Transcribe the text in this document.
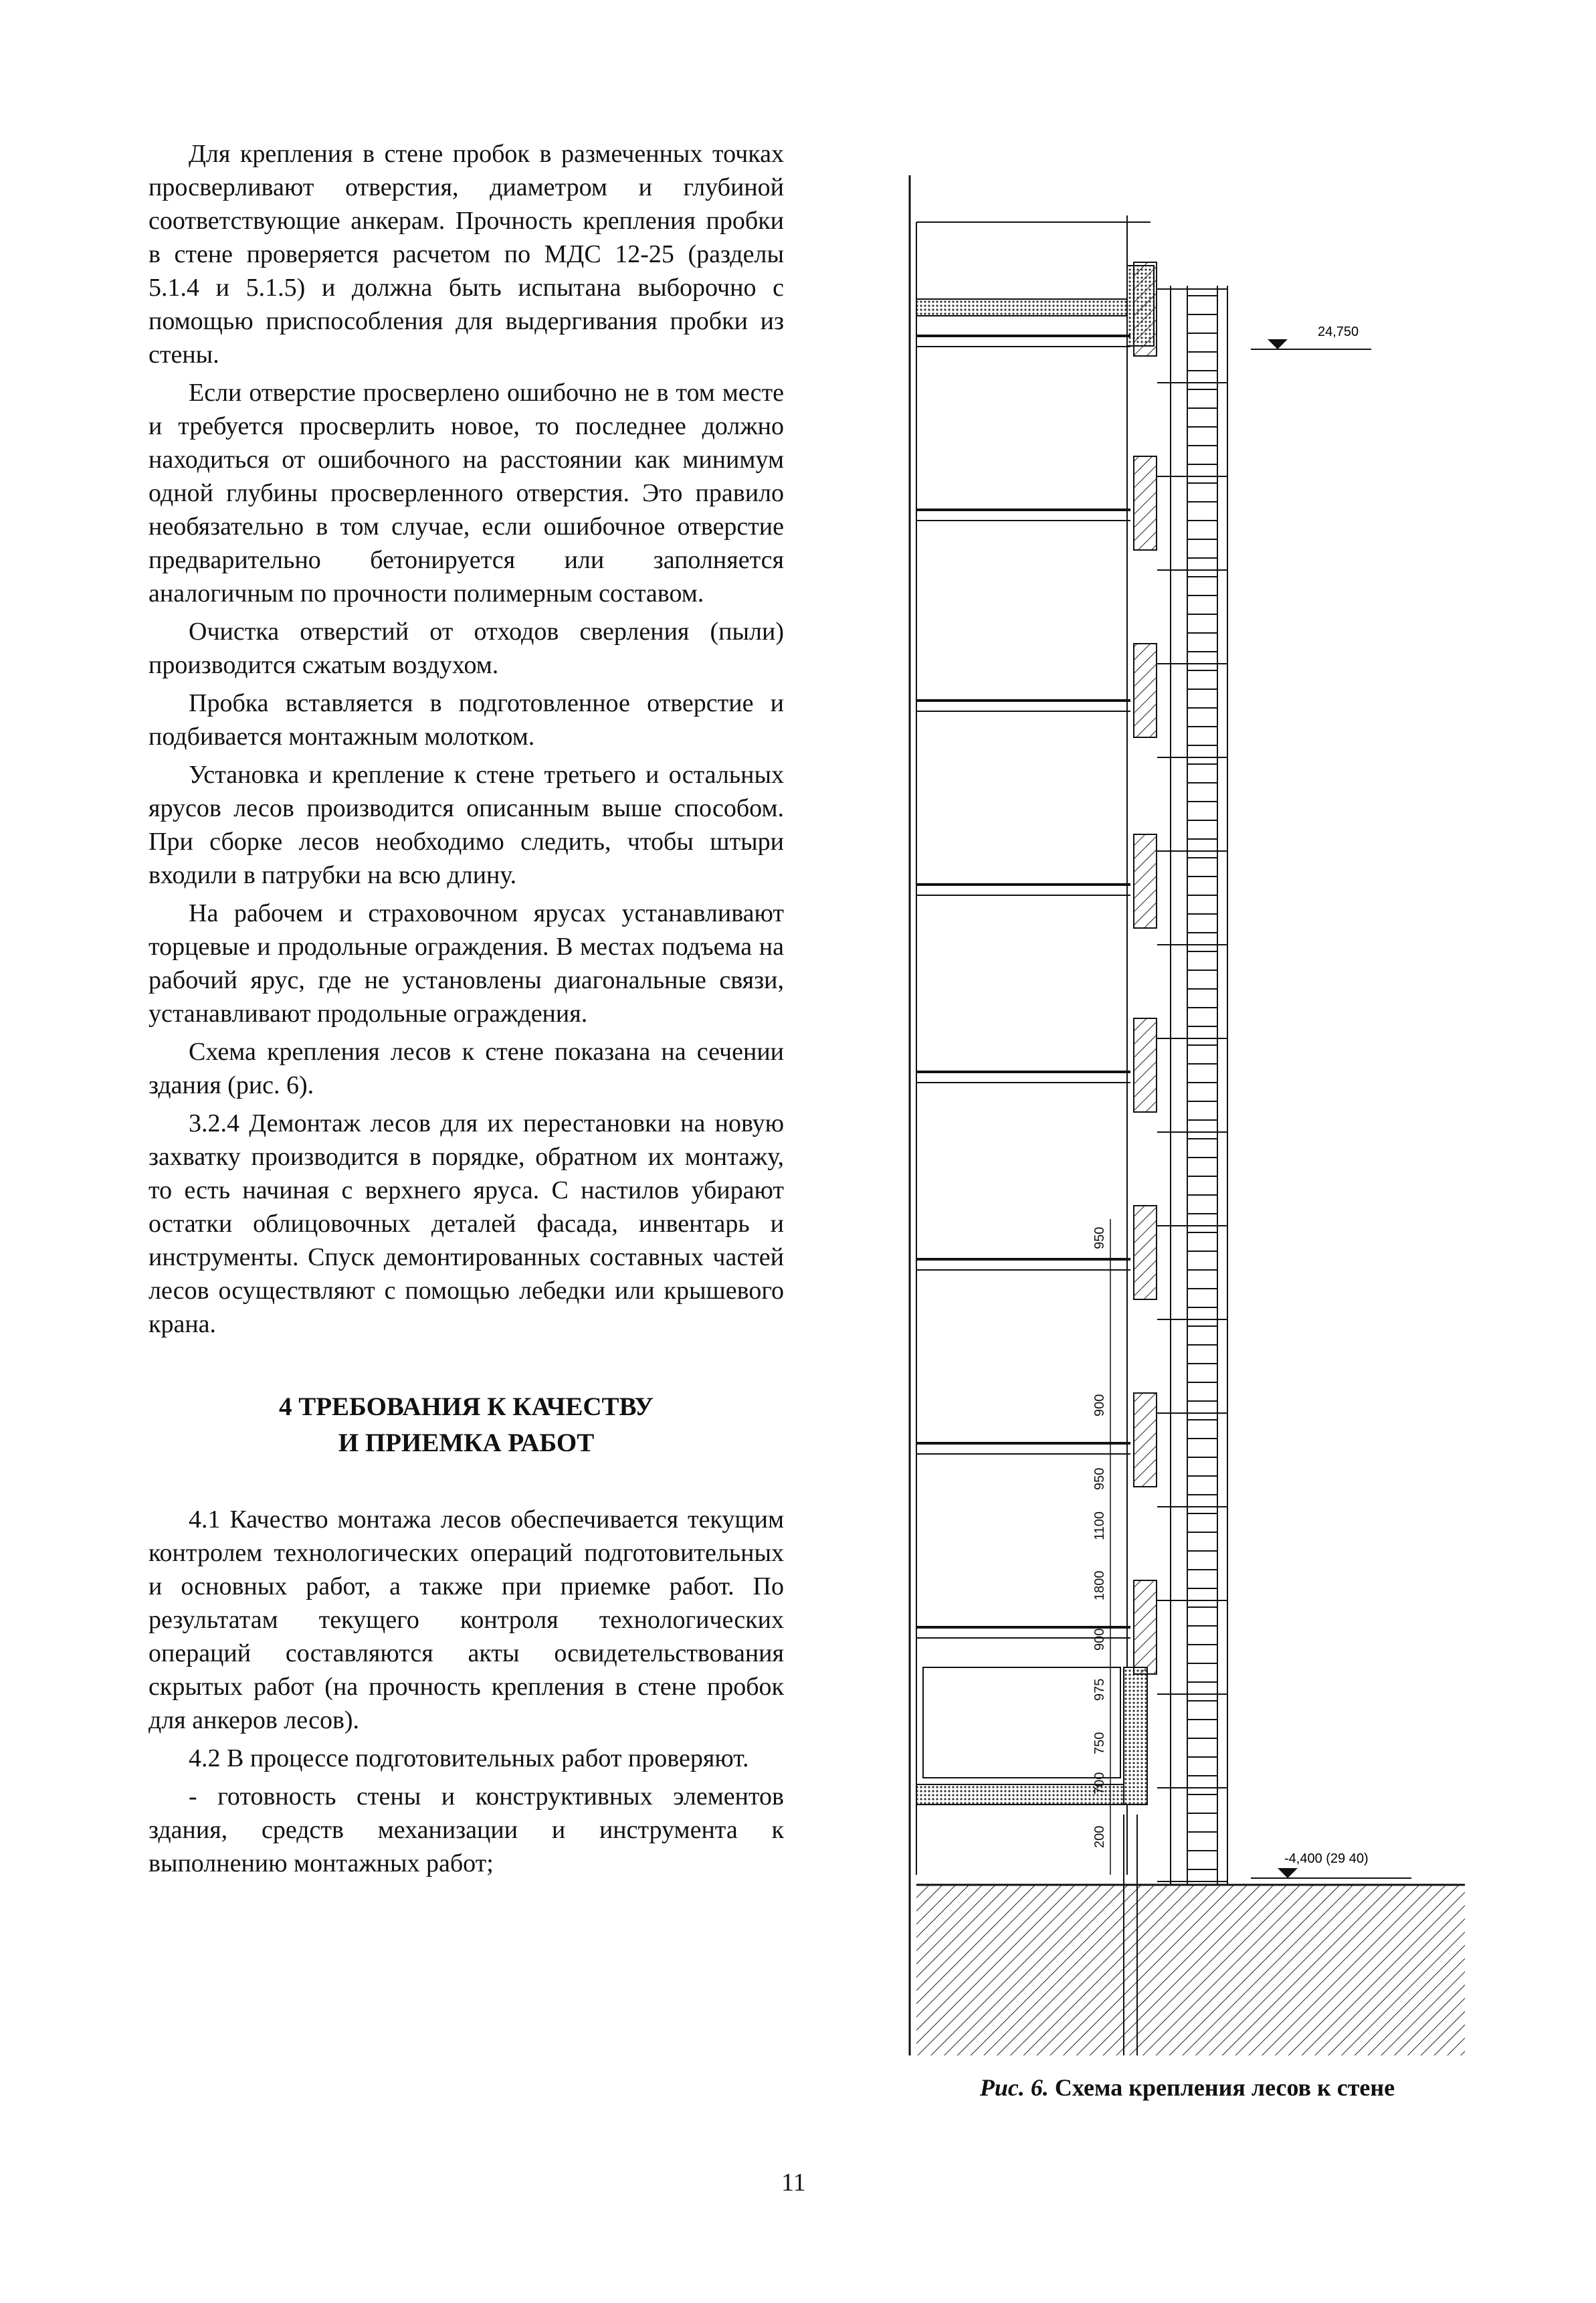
Для крепления в стене пробок в размеченных точках просверливают отверстия, диаметром и глубиной соответствующие анкерам. Прочность крепления пробки в стене проверяется расчетом по МДС 12-25 (разделы 5.1.4 и 5.1.5) и должна быть испытана выборочно с помощью приспособления для выдергивания пробки из стены.

Если отверстие просверлено ошибочно не в том месте и требуется просверлить новое, то последнее должно находиться от ошибочного на расстоянии как минимум одной глубины просверленного отверстия. Это правило необязательно в том случае, если ошибочное отверстие предварительно бетонируется или заполняется аналогичным по прочности полимерным составом.

Очистка отверстий от отходов сверления (пыли) производится сжатым воздухом.

Пробка вставляется в подготовленное отверстие и подбивается монтажным молотком.

Установка и крепление к стене третьего и остальных ярусов лесов производится описанным выше способом. При сборке лесов необходимо следить, чтобы штыри входили в патрубки на всю длину.

На рабочем и страховочном ярусах устанавливают торцевые и продольные ограждения. В местах подъема на рабочий ярус, где не установлены диагональные связи, устанавливают продольные ограждения.

Схема крепления лесов к стене показана на сечении здания (рис. 6).

3.2.4 Демонтаж лесов для их перестановки на новую захватку производится в порядке, обратном их монтажу, то есть начиная с верхнего яруса. С настилов убирают остатки облицовочных деталей фасада, инвентарь и инструменты. Спуск демонтированных составных частей лесов осуществляют с помощью лебедки или крышевого крана.

4 ТРЕБОВАНИЯ К КАЧЕСТВУ
И ПРИЕМКА РАБОТ

4.1 Качество монтажа лесов обеспечивается текущим контролем технологических операций подготовительных и основных работ, а также при приемке работ. По результатам текущего контроля технологических операций составляются акты освидетельствования скрытых работ (на прочность крепления в стене пробок для анкеров лесов).

4.2 В процессе подготовительных работ проверяют.

- готовность стены и конструктивных элементов здания, средств механизации и инструмента к выполнению монтажных работ;

950
900
950
1100
1800
900
975
750
700
200
24,750
-4,400 (29 40)
Рис. 6. Схема крепления лесов к стене
11
